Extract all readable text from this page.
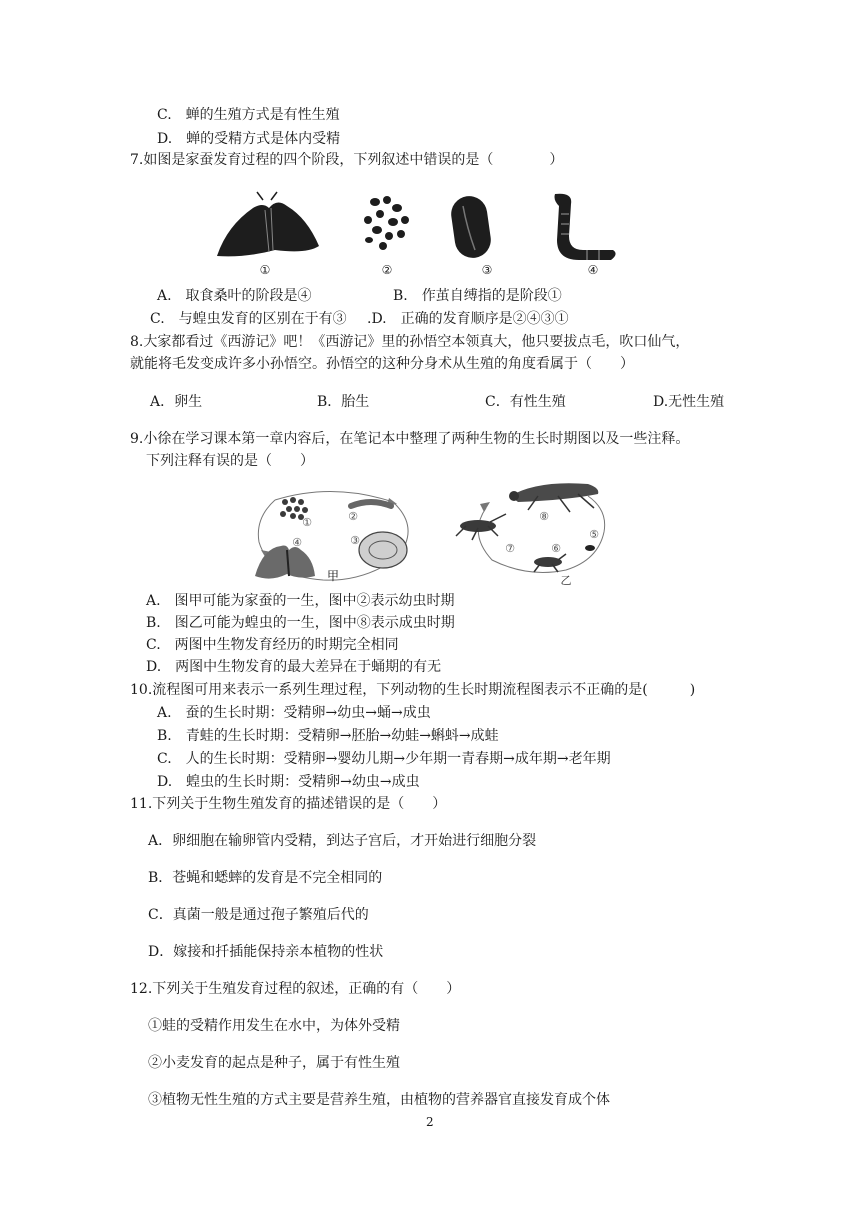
C.　蝉的生殖方式是有性生殖
D.　蝉的受精方式是体内受精
7.如图是家蚕发育过程的四个阶段，下列叙述中错误的是（　　　　）
①	②	③	④
A.　取食桑叶的阶段是④	B.　作茧自缚指的是阶段①
C.　与蝗虫发育的区别在于有③ .D.　正确的发育顺序是②④③①
8.大家都看过《西游记》吧！《西游记》里的孙悟空本领真大，他只要拔点毛，吹口仙气，
就能将毛发变成许多小孙悟空。孙悟空的这种分身术从生殖的角度看属于（　　）
A．卵生	B．胎生	C．有性生殖	D.无性生殖
9.小徐在学习课本第一章内容后，在笔记本中整理了两种生物的生长时期图以及一些注释。
下列注释有误的是（　　）
①	②
③
④
甲
⑤
⑥
⑦
⑧
乙
A.　图甲可能为家蚕的一生，图中②表示幼虫时期
B.　图乙可能为蝗虫的一生，图中⑧表示成虫时期
C.　两图中生物发育经历的时期完全相同
D.　两图中生物发育的最大差异在于蛹期的有无
10.流程图可用来表示一系列生理过程，下列动物的生长时期流程图表示不正确的是(　　　)
A.　蚕的生长时期：受精卵→幼虫→蛹→成虫
B.　青蛙的生长时期：受精卵→胚胎→幼蛙→蝌蚪→成蛙
C.　人的生长时期：受精卵→婴幼儿期→少年期一青春期→成年期→老年期
D.　蝗虫的生长时期：受精卵→幼虫→成虫
11.下列关于生物生殖发育的描述错误的是（　　）
A．卵细胞在输卵管内受精，到达子宫后，才开始进行细胞分裂
B．苍蝇和蟋蟀的发育是不完全相同的
C．真菌一般是通过孢子繁殖后代的
D．嫁接和扦插能保持亲本植物的性状
12.下列关于生殖发育过程的叙述，正确的有（　　）
①蛙的受精作用发生在水中，为体外受精
②小麦发育的起点是种子，属于有性生殖
③植物无性生殖的方式主要是营养生殖，由植物的营养器官直接发育成个体
2
